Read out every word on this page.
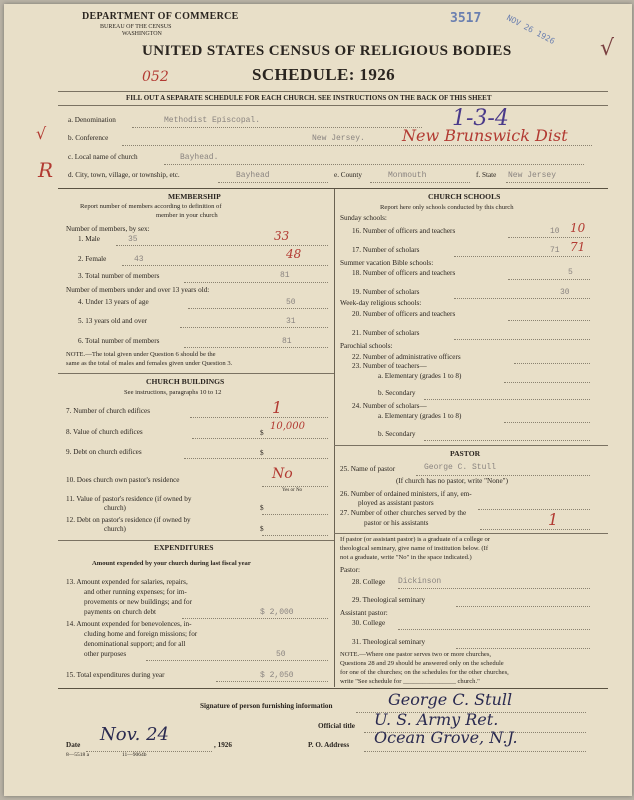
DEPARTMENT OF COMMERCE
BUREAU OF THE CENSUS
WASHINGTON
3517	NOV 26 1926
√
UNITED STATES CENSUS OF RELIGIOUS BODIES
SCHEDULE: 1926
052
FILL OUT A SEPARATE SCHEDULE FOR EACH CHURCH. SEE INSTRUCTIONS ON THE BACK OF THIS SHEET
√
R
a. Denomination	Methodist Episcopal.	1-3-4
b. Conference	New Jersey. New Brunswick Dist
c. Local name of church	Bayhead.
d. City, town, village, or township, etc.	Bayhead	e. County	Monmouth	f. State New Jersey
MEMBERSHIP
Report number of members according to definition of
member in your church
Number of members, by sex:
1. Male	35	33
2. Female	43	48
3. Total number of members	81
Number of members under and over 13 years old:
4. Under 13 years of age	50
5. 13 years old and over	31
6. Total number of members	81
NOTE.—The total given under Question 6 should be the
same as the total of males and females given under Question 3.
CHURCH BUILDINGS
See instructions, paragraphs 10 to 12
7. Number of church edifices	1
8. Value of church edifices	10,000
$
9. Debt on church edifices	$
10. Does church own pastor's residence	No
Yes or No
11. Value of pastor's residence (if owned by
church)	$
12. Debt on pastor's residence (if owned by
church)	$
EXPENDITURES
Amount expended by your church during last fiscal year
13. Amount expended for salaries, repairs,
and other running expenses; for im-
provements or new buildings; and for
payments on church debt	$ 2,000
14. Amount expended for benevolences, in-
cluding home and foreign missions; for
denominational support; and for all
other purposes	50
15. Total expenditures during year	$ 2,050
CHURCH SCHOOLS
Report here only schools conducted by this church
Sunday schools:
16. Number of officers and teachers	10 10
17. Number of scholars	71 71
Summer vacation Bible schools:
18. Number of officers and teachers	5
19. Number of scholars	30
Week-day religious schools:
20. Number of officers and teachers
21. Number of scholars
Parochial schools:
22. Number of administrative officers
23. Number of teachers—
a. Elementary (grades 1 to 8)
b. Secondary
24. Number of scholars—
a. Elementary (grades 1 to 8)
b. Secondary
PASTOR
25. Name of pastor	George C. Stull
(If church has no pastor, write "None")
26. Number of ordained ministers, if any, em-
ployed as assistant pastors
27. Number of other churches served by the
pastor or his assistants	1
If pastor (or assistant pastor) is a graduate of a college or
theological seminary, give name of institution below. (If
not a graduate, write "No" in the space indicated.)
Pastor:
28. College Dickinson
29. Theological seminary
Assistant pastor:
30. College
31. Theological seminary
NOTE.—Where one pastor serves two or more churches,
Questions 28 and 29 should be answered only on the schedule
for one of the churches; on the schedules for the other churches,
write "See schedule for ________________ church."
Signature of person furnishing information	George C. Stull
Official title U. S. Army Ret.
Date Nov. 24	, 1926	P. O. Address Ocean Grove, N.J.
8—5518 a	11—9064b
